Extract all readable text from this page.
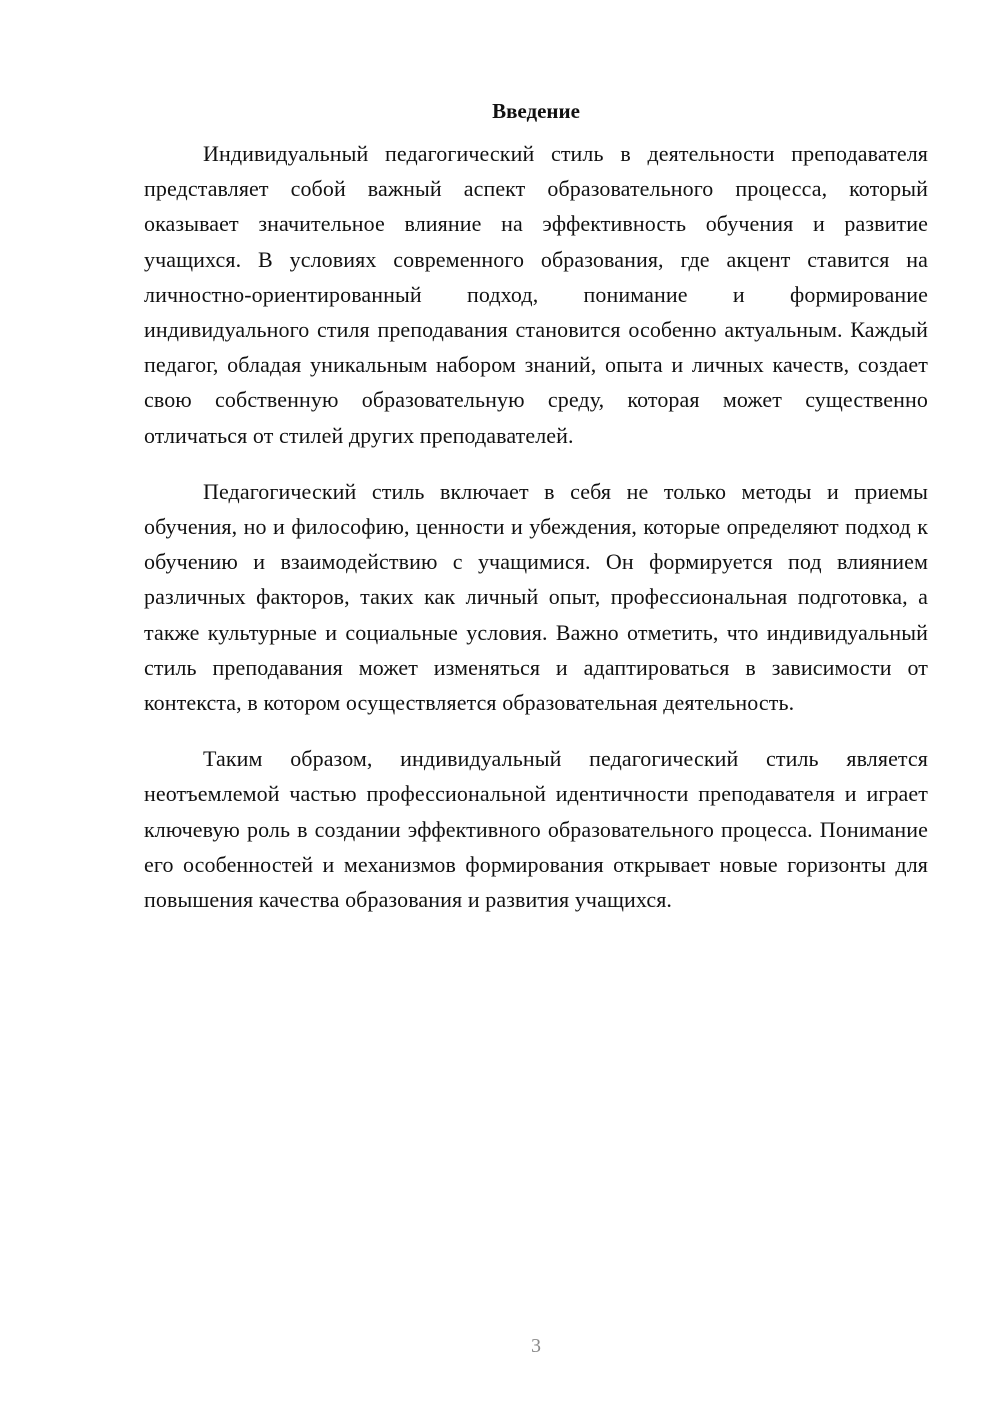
Введение

Индивидуальный педагогический стиль в деятельности преподавателя представляет собой важный аспект образовательного процесса, который оказывает значительное влияние на эффективность обучения и развитие учащихся. В условиях современного образования, где акцент ставится на личностно-ориентированный подход, понимание и формирование индивидуального стиля преподавания становится особенно актуальным. Каждый педагог, обладая уникальным набором знаний, опыта и личных качеств, создает свою собственную образовательную среду, которая может существенно отличаться от стилей других преподавателей.

Педагогический стиль включает в себя не только методы и приемы обучения, но и философию, ценности и убеждения, которые определяют подход к обучению и взаимодействию с учащимися. Он формируется под влиянием различных факторов, таких как личный опыт, профессиональная подготовка, а также культурные и социальные условия. Важно отметить, что индивидуальный стиль преподавания может изменяться и адаптироваться в зависимости от контекста, в котором осуществляется образовательная деятельность.

Таким образом, индивидуальный педагогический стиль является неотъемлемой частью профессиональной идентичности преподавателя и играет ключевую роль в создании эффективного образовательного процесса. Понимание его особенностей и механизмов формирования открывает новые горизонты для повышения качества образования и развития учащихся.

3
